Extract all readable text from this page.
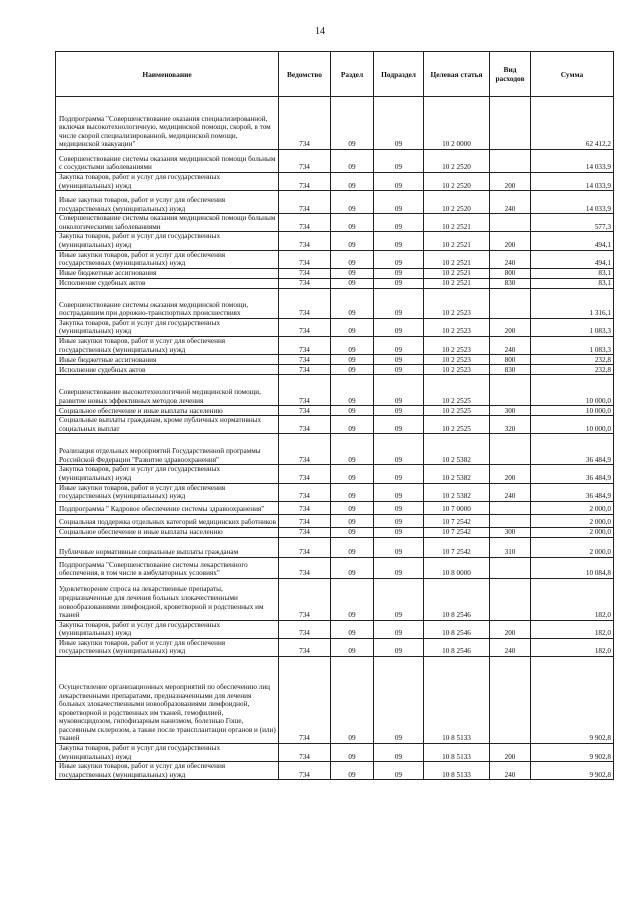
14
Наименование	Ведомство	Раздел	Подраздел	Целевая статья	Вид расходов	Сумма
Подпрограмма "Совершенствование оказания специализированной, включая высокотехнологичную, медицинской помощи, скорой, в том числе скорой специализированной, медицинской помощи, медицинской эвакуации"	734	09	09	10 2 0000		62 412,2
Совершенствование системы оказания медицинской помощи больным с сосудистыми заболеваниями	734	09	09	10 2 2520		14 033,9
Закупка товаров, работ и услуг для государственных (муниципальных) нужд	734	09	09	10 2 2520	200	14 033,9
Иные закупки товаров, работ и услуг для обеспечения государственных (муниципальных) нужд	734	09	09	10 2 2520	240	14 033,9
Совершенствование системы оказания медицинской помощи больным онкологическими заболеваниями	734	09	09	10 2 2521		577,3
Закупка товаров, работ и услуг для государственных (муниципальных) нужд	734	09	09	10 2 2521	200	494,1
Иные закупки товаров, работ и услуг для обеспечения государственных (муниципальных) нужд	734	09	09	10 2 2521	240	494,1
Иные бюджетные ассигнования	734	09	09	10 2 2521	800	83,1
Исполнение судебных актов	734	09	09	10 2 2521	830	83,1
Совершенствование системы оказания медицинской помощи, пострадавшим при дорожно-транспортных происшествиях	734	09	09	10 2 2523		1 316,1
Закупка товаров, работ и услуг для государственных (муниципальных) нужд	734	09	09	10 2 2523	200	1 083,3
Иные закупки товаров, работ и услуг для обеспечения государственных (муниципальных) нужд	734	09	09	10 2 2523	240	1 083,3
Иные бюджетные ассигнования	734	09	09	10 2 2523	800	232,8
Исполнение судебных актов	734	09	09	10 2 2523	830	232,8
Совершенствование высокотехнологичной медицинской помощи, развитие новых эффективных методов лечения	734	09	09	10 2 2525		10 000,0
Социальное обеспечение и иные выплаты населению	734	09	09	10 2 2525	300	10 000,0
Социальные выплаты гражданам, кроме публичных нормативных социальных выплат	734	09	09	10 2 2525	320	10 000,0
Реализация отдельных мероприятий Государственной программы Российской Федерации "Развитие здравоохранения"	734	09	09	10 2 5382		36 484,9
Закупка товаров, работ и услуг для государственных (муниципальных) нужд	734	09	09	10 2 5382	200	36 484,9
Иные закупки товаров, работ и услуг для обеспечения государственных (муниципальных) нужд	734	09	09	10 2 5382	240	36 484,9
Подпрограмма " Кадровое обеспечение системы здравоохранения"	734	09	09	10 7 0000		2 000,0
Социальная поддержка отдельных категорий медицинских работников	734	09	09	10 7 2542		2 000,0
Социальное обеспечение и иные выплаты населению	734	09	09	10 7 2542	300	2 000,0
Публичные нормативные социальные выплаты гражданам	734	09	09	10 7 2542	310	2 000,0
Подпрограмма "Совершенствование системы лекарственного обеспечения, в том числе в амбулаторных условиях"	734	09	09	10 8 0000		10 084,8
Удовлетворение спроса на лекарственные препараты, предназначенные для лечения больных злокачественными новообразованиями лимфоидной, кроветворной и родственных им тканей	734	09	09	10 8 2546		182,0
Закупка товаров, работ и услуг для государственных (муниципальных) нужд	734	09	09	10 8 2546	200	182,0
Иные закупки товаров, работ и услуг для обеспечения государственных (муниципальных) нужд	734	09	09	10 8 2546	240	182,0
Осуществление организационных мероприятий по обеспечению лиц лекарственными препаратами, предназначенными для лечения больных злокачественными новообразованиями лимфоидной, кроветворной и родственных им тканей, гемофилией, муковисцидозом, гипофизарным нанизмом, болезнью Гоше, рассеянным склерозом, а также после трансплантации органов и (или) тканей	734	09	09	10 8 5133		9 902,8
Закупка товаров, работ и услуг для государственных (муниципальных) нужд	734	09	09	10 8 5133	200	9 902,8
Иные закупки товаров, работ и услуг для обеспечения государственных (муниципальных) нужд	734	09	09	10 8 5133	240	9 902,8
